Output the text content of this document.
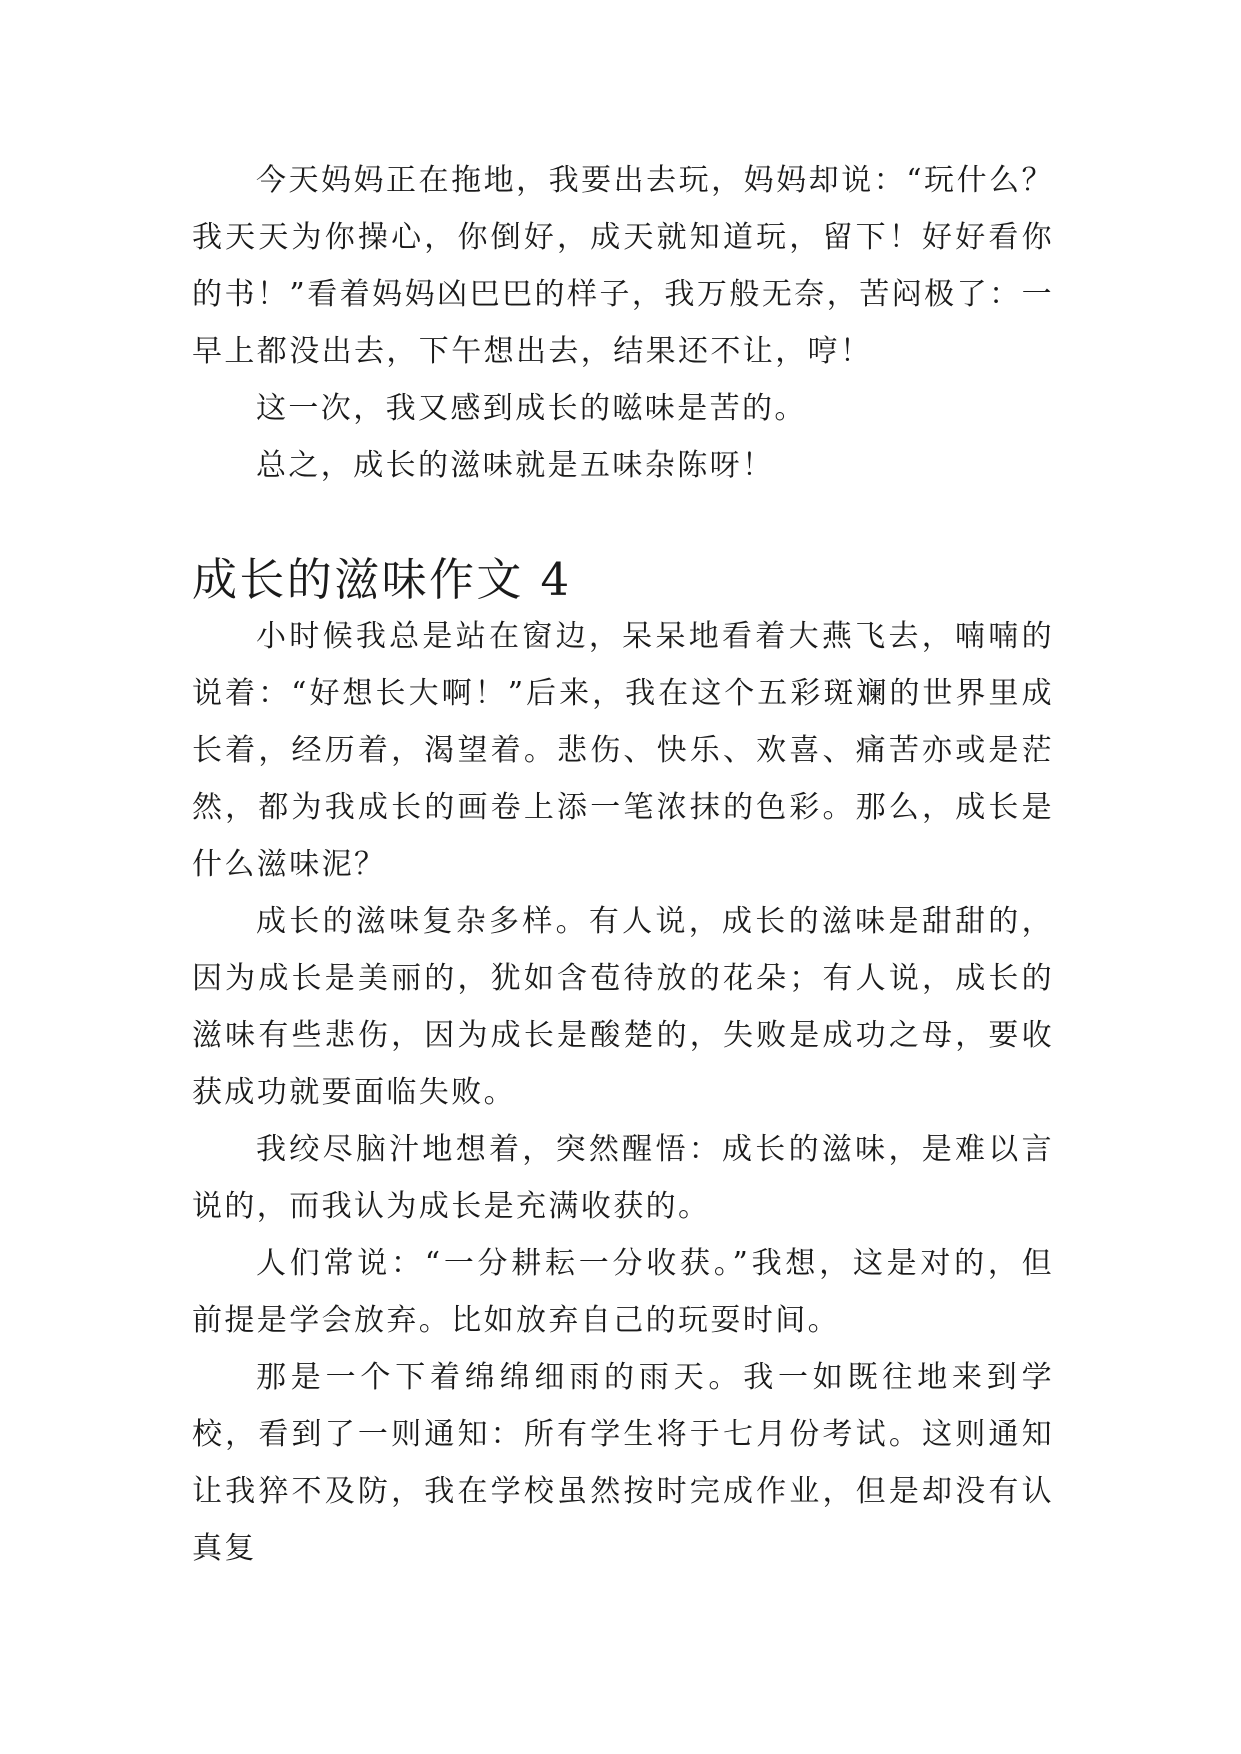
今天妈妈正在拖地，我要出去玩，妈妈却说：“玩什么？我天天为你操心，你倒好，成天就知道玩，留下！好好看你的书！”看着妈妈凶巴巴的样子，我万般无奈，苦闷极了：一早上都没出去，下午想出去，结果还不让，哼！

这一次，我又感到成长的嗞味是苦的。

总之，成长的滋味就是五味杂陈呀！

成长的滋味作文 4

小时候我总是站在窗边，呆呆地看着大燕飞去，喃喃的说着：“好想长大啊！”后来，我在这个五彩斑斓的世界里成长着，经历着，渴望着。悲伤、快乐、欢喜、痛苦亦或是茫然，都为我成长的画卷上添一笔浓抹的色彩。那么，成长是什么滋味泥？

成长的滋味复杂多样。有人说，成长的滋味是甜甜的，因为成长是美丽的，犹如含苞待放的花朵；有人说，成长的滋味有些悲伤，因为成长是酸楚的，失败是成功之母，要收获成功就要面临失败。

我绞尽脑汁地想着，突然醒悟：成长的滋味，是难以言说的，而我认为成长是充满收获的。

人们常说：“一分耕耘一分收获。”我想，这是对的，但前提是学会放弃。比如放弃自己的玩耍时间。

那是一个下着绵绵细雨的雨天。我一如既往地来到学校，看到了一则通知：所有学生将于七月份考试。这则通知让我猝不及防，我在学校虽然按时完成作业，但是却没有认真复
